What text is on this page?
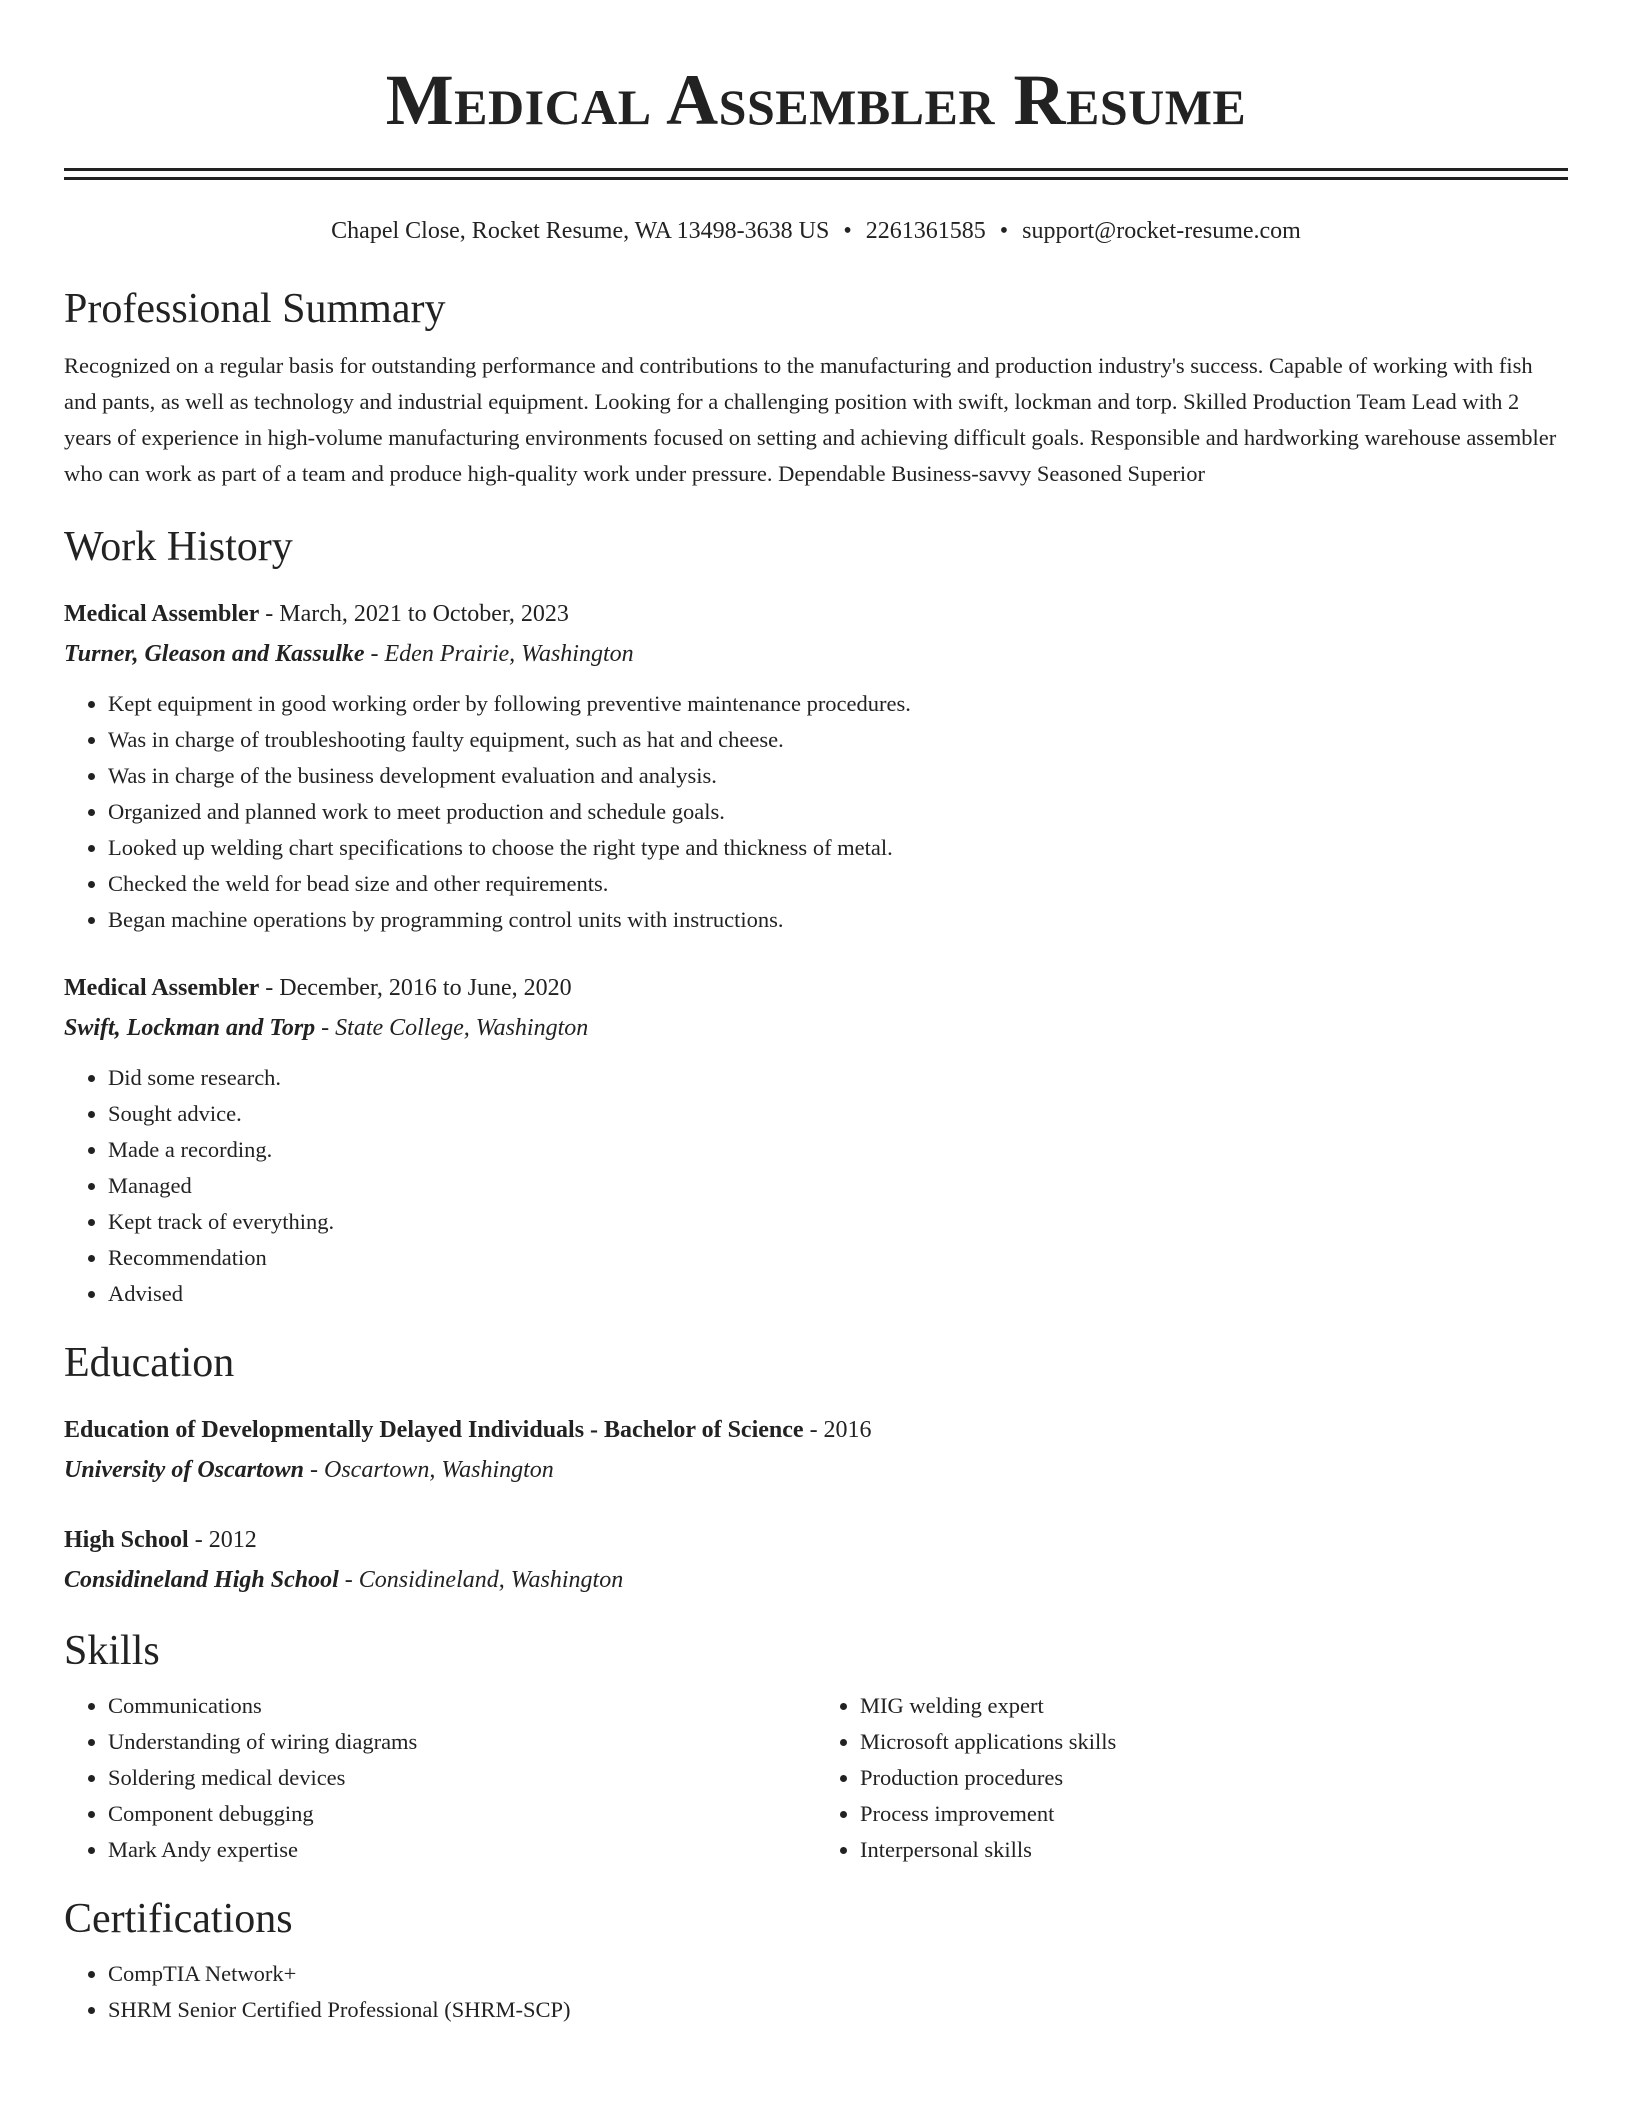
Medical Assembler Resume
Chapel Close, Rocket Resume, WA 13498-3638 US • 2261361585 • support@rocket-resume.com
Professional Summary

Recognized on a regular basis for outstanding performance and contributions to the manufacturing and production industry's success. Capable of working with fish and pants, as well as technology and industrial equipment. Looking for a challenging position with swift, lockman and torp. Skilled Production Team Lead with 2 years of experience in high-volume manufacturing environments focused on setting and achieving difficult goals. Responsible and hardworking warehouse assembler who can work as part of a team and produce high-quality work under pressure. Dependable Business-savvy Seasoned Superior

Work History
Medical Assembler - March, 2021 to October, 2023
Turner, Gleason and Kassulke - Eden Prairie, Washington
• Kept equipment in good working order by following preventive maintenance procedures.
• Was in charge of troubleshooting faulty equipment, such as hat and cheese.
• Was in charge of the business development evaluation and analysis.
• Organized and planned work to meet production and schedule goals.
• Looked up welding chart specifications to choose the right type and thickness of metal.
• Checked the weld for bead size and other requirements.
• Began machine operations by programming control units with instructions.
Medical Assembler - December, 2016 to June, 2020
Swift, Lockman and Torp - State College, Washington
• Did some research.
• Sought advice.
• Made a recording.
• Managed
• Kept track of everything.
• Recommendation
• Advised
Education
Education of Developmentally Delayed Individuals - Bachelor of Science - 2016
University of Oscartown - Oscartown, Washington
High School - 2012
Considineland High School - Considineland, Washington
Skills
• Communications
• Understanding of wiring diagrams
• Soldering medical devices
• Component debugging
• Mark Andy expertise
• MIG welding expert
• Microsoft applications skills
• Production procedures
• Process improvement
• Interpersonal skills
Certifications
• CompTIA Network+
• SHRM Senior Certified Professional (SHRM-SCP)
